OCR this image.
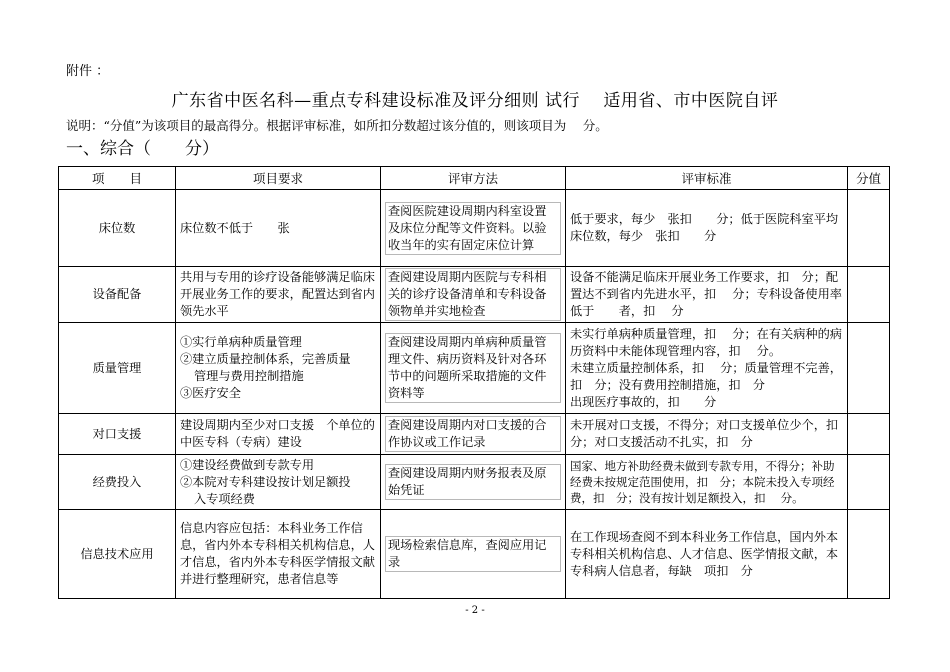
附件 ：
广东省中医名科—重点专科建设标准及评分细则 试行　 适用省、市中医院自评
说明：“分值”为该项目的最高得分。根据评审标准，如所扣分数超过该分值的，则该项目为　 分。
一、综合（　　分）
项　　目	项目要求	评审方法	评审标准	分值
床位数	床位数不低于　　张	查阅医院建设周期内科室设置及床位分配等文件资料。以验收当年的实有固定床位计算	低于要求，每少　张扣　　分；低于医院科室平均床位数，每少　张扣　　分	

设备配备	共用与专用的诊疗设备能够满足临床开展业务工作的要求，配置达到省内领先水平	查阅建设周期内医院与专科相关的诊疗设备清单和专科设备领物单并实地检查	设备不能满足临床开展业务工作要求，扣　分；配置达不到省内先进水平，扣　 分；专科设备使用率低于　　者，扣　 分	

质量管理	①实行单病种质量管理
②建立质量控制体系，完善质量
管理与费用控制措施
③医疗安全	查阅建设周期内单病种质量管理文件、病历资料及针对各环节中的问题所采取措施的文件资料等	未实行单病种质量管理，扣　 分；在有关病种的病历资料中未能体现管理内容，扣　 分。
未建立质量控制体系，扣　 分；质量管理不完善，扣　分；没有费用控制措施，扣　分
出现医疗事故的，扣　　分	

对口支援	建设周期内至少对口支援　个单位的中医专科（专病）建设	查阅建设周期内对口支援的合作协议或工作记录	未开展对口支援，不得分；对口支援单位少个，扣　分；对口支援活动不扎实，扣　分	

经费投入	①建设经费做到专款专用
②本院对专科建设按计划足额投
入专项经费	查阅建设周期内财务报表及原始凭证	国家、地方补助经费未做到专款专用，不得分；补助经费未按规定范围使用，扣　分；本院未投入专项经费，扣　分；没有按计划足额投入，扣　 分。	

信息技术应用	信息内容应包括：本科业务工作信息，省内外本专科相关机构信息，人才信息，省内外本专科医学情报文献并进行整理研究，患者信息等	现场检索信息库，查阅应用记录	在工作现场查阅不到本科业务工作信息，国内外本专科相关机构信息、人才信息、医学情报文献，本专科病人信息者，每缺　项扣　分	

- 2 -
